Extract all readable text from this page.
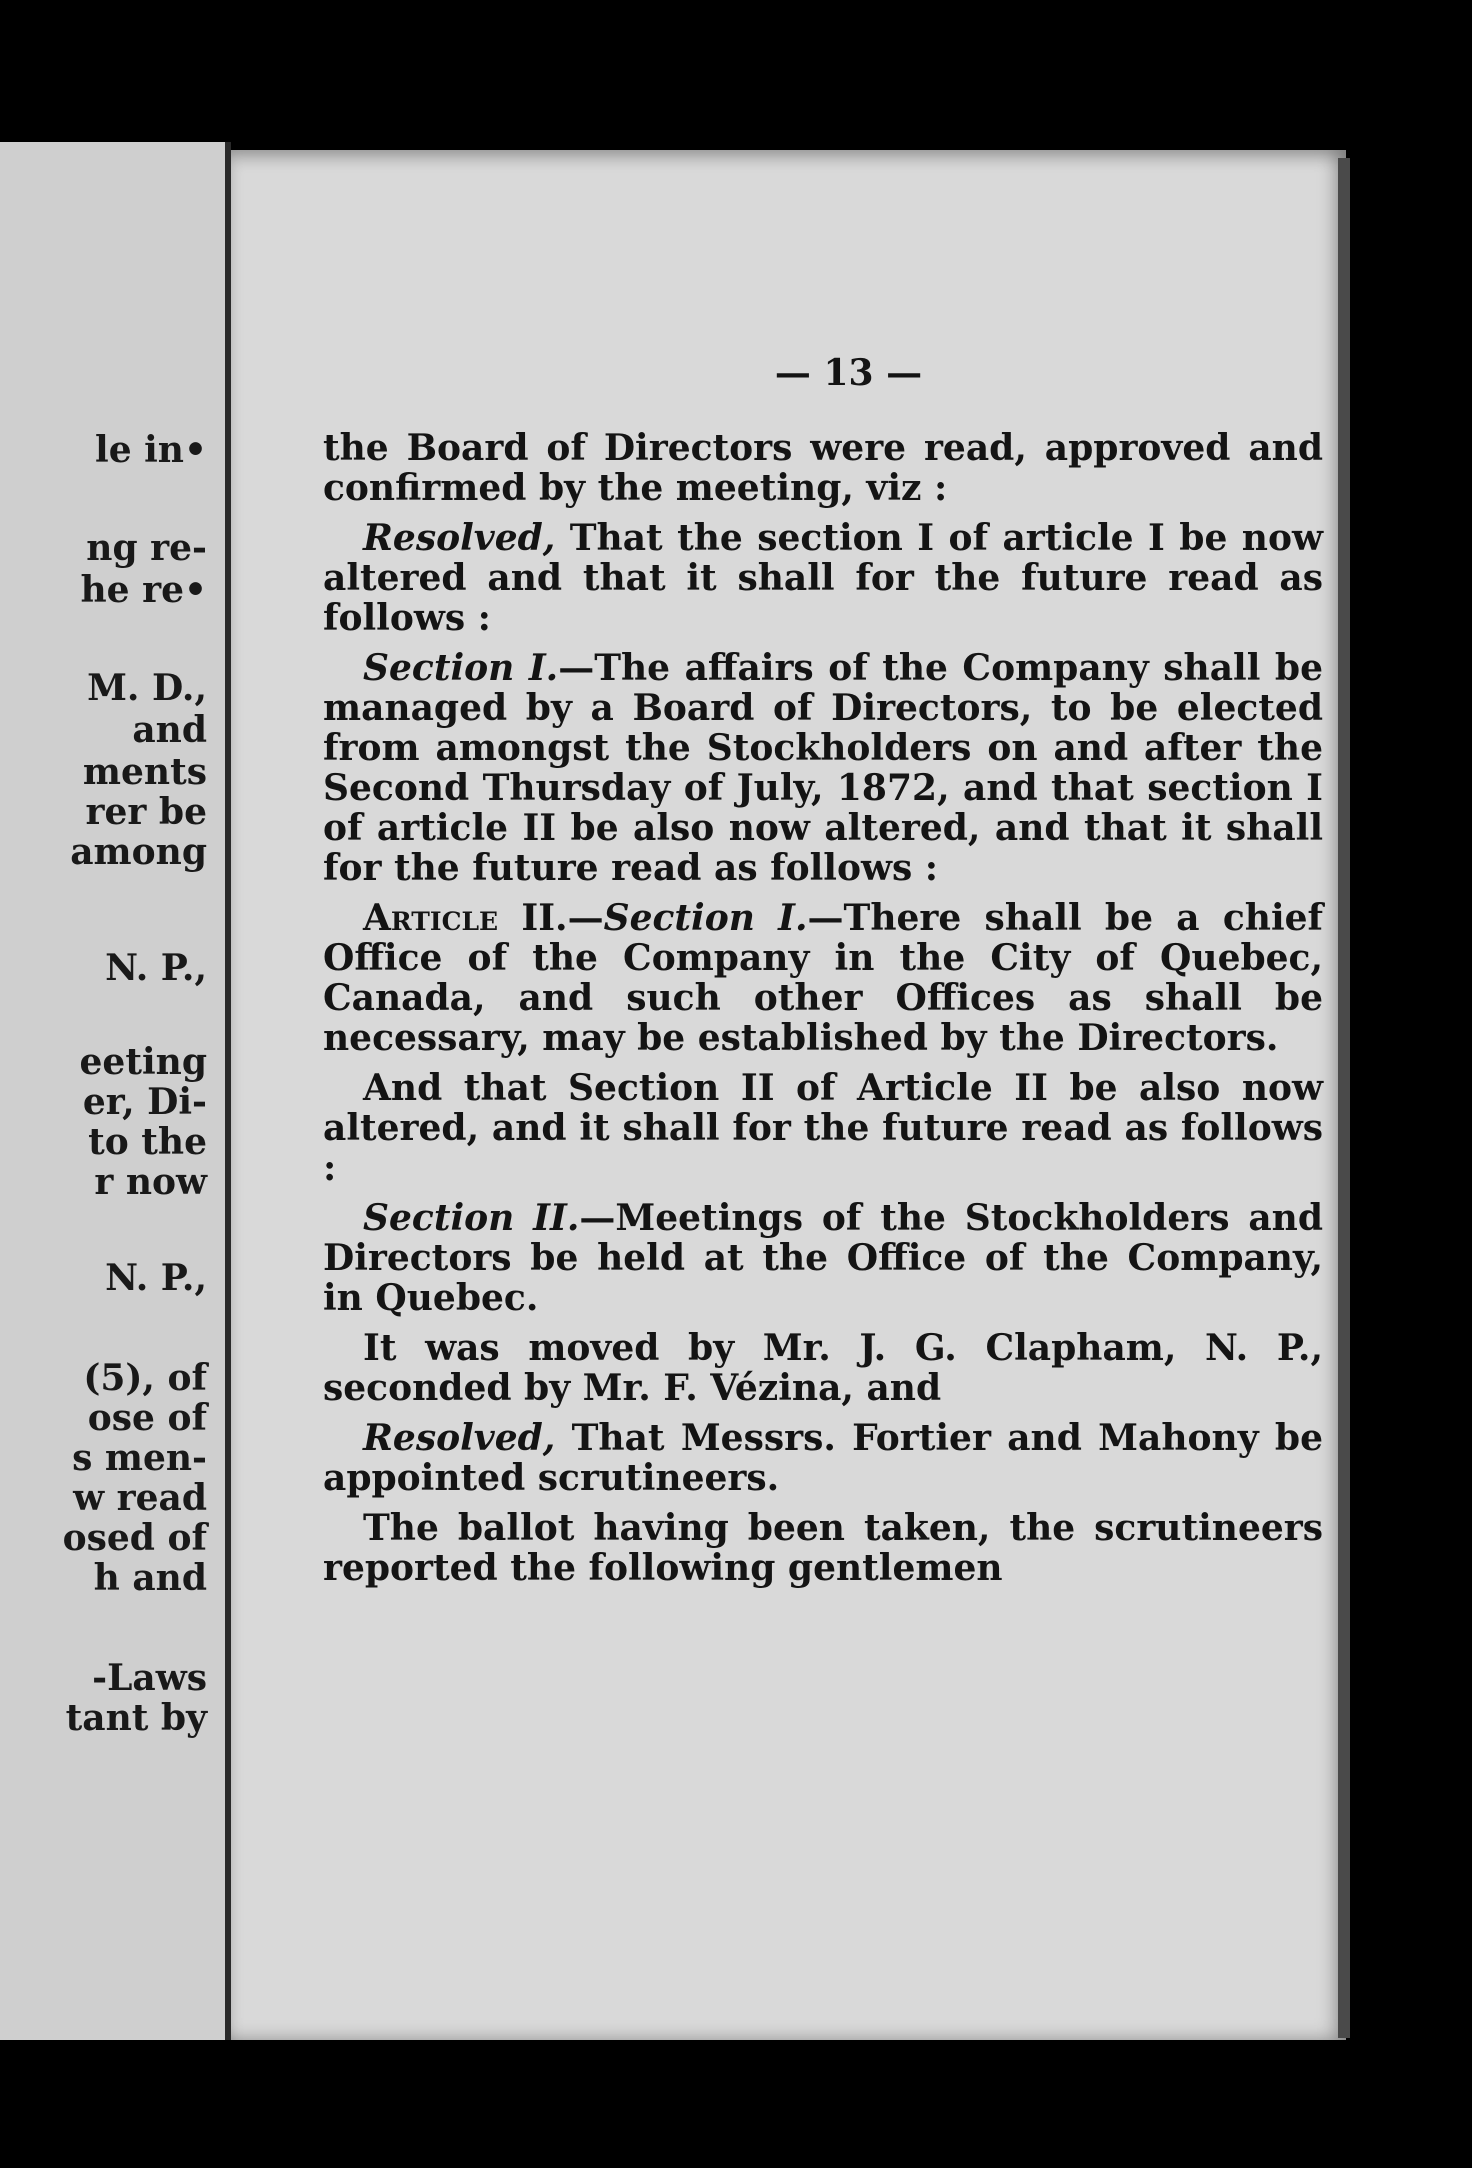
le in•
ng re-
he re•
M. D.,
and
ments
rer be
among
N. P.,
eeting
er, Di-
to the
r now
N. P.,
(5), of
ose of
s men-
w read
osed of
h and
-Laws
tant by
— 13 —

the Board of Directors were read, approved and confirmed by the meeting, viz :

Resolved, That the section I of article I be now altered and that it shall for the future read as follows :

Section I.—The affairs of the Company shall be managed by a Board of Directors, to be elected from amongst the Stockholders on and after the Second Thursday of July, 1872, and that section I of article II be also now altered, and that it shall for the future read as follows :

Article II.—Section I.—There shall be a chief Office of the Company in the City of Quebec, Canada, and such other Offices as shall be necessary, may be established by the Directors.

And that Section II of Article II be also now altered, and it shall for the future read as follows :

Section II.—Meetings of the Stockholders and Directors be held at the Office of the Company, in Quebec.

It was moved by Mr. J. G. Clapham, N. P., seconded by Mr. F. Vézina, and

Resolved, That Messrs. Fortier and Mahony be appointed scrutineers.

The ballot having been taken, the scrutineers reported the following gentlemen
